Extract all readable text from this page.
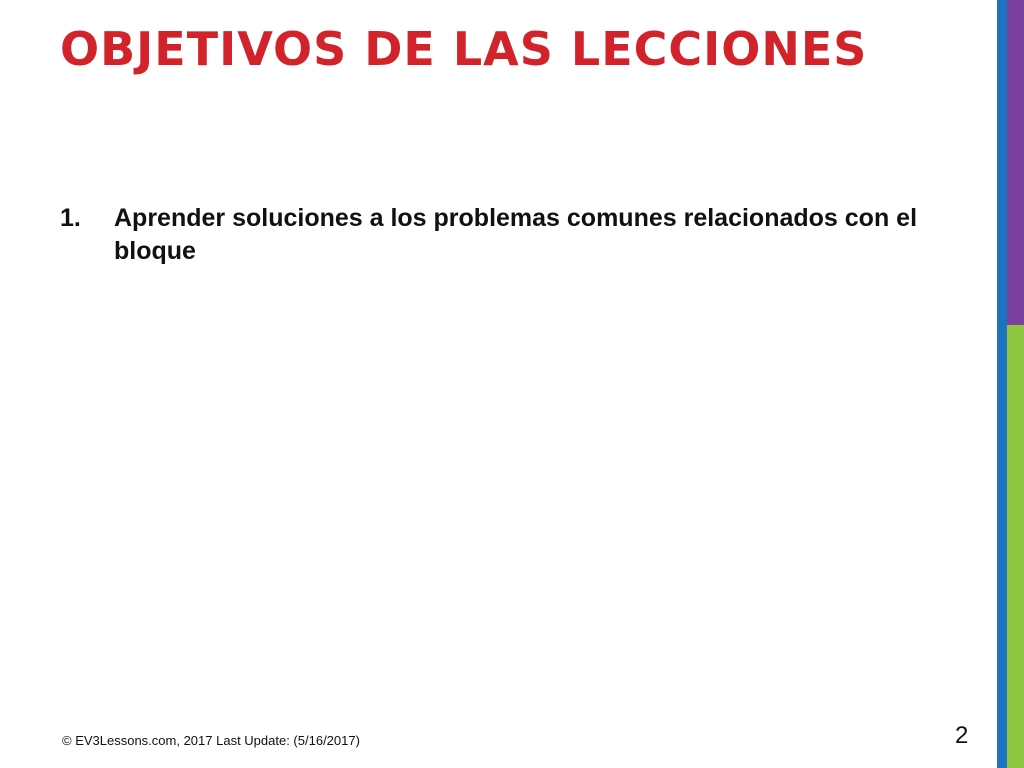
OBJETIVOS DE LAS LECCIONES
1.	Aprender soluciones a los problemas comunes relacionados con el bloque
© EV3Lessons.com, 2017 Last Update: (5/16/2017)	2
